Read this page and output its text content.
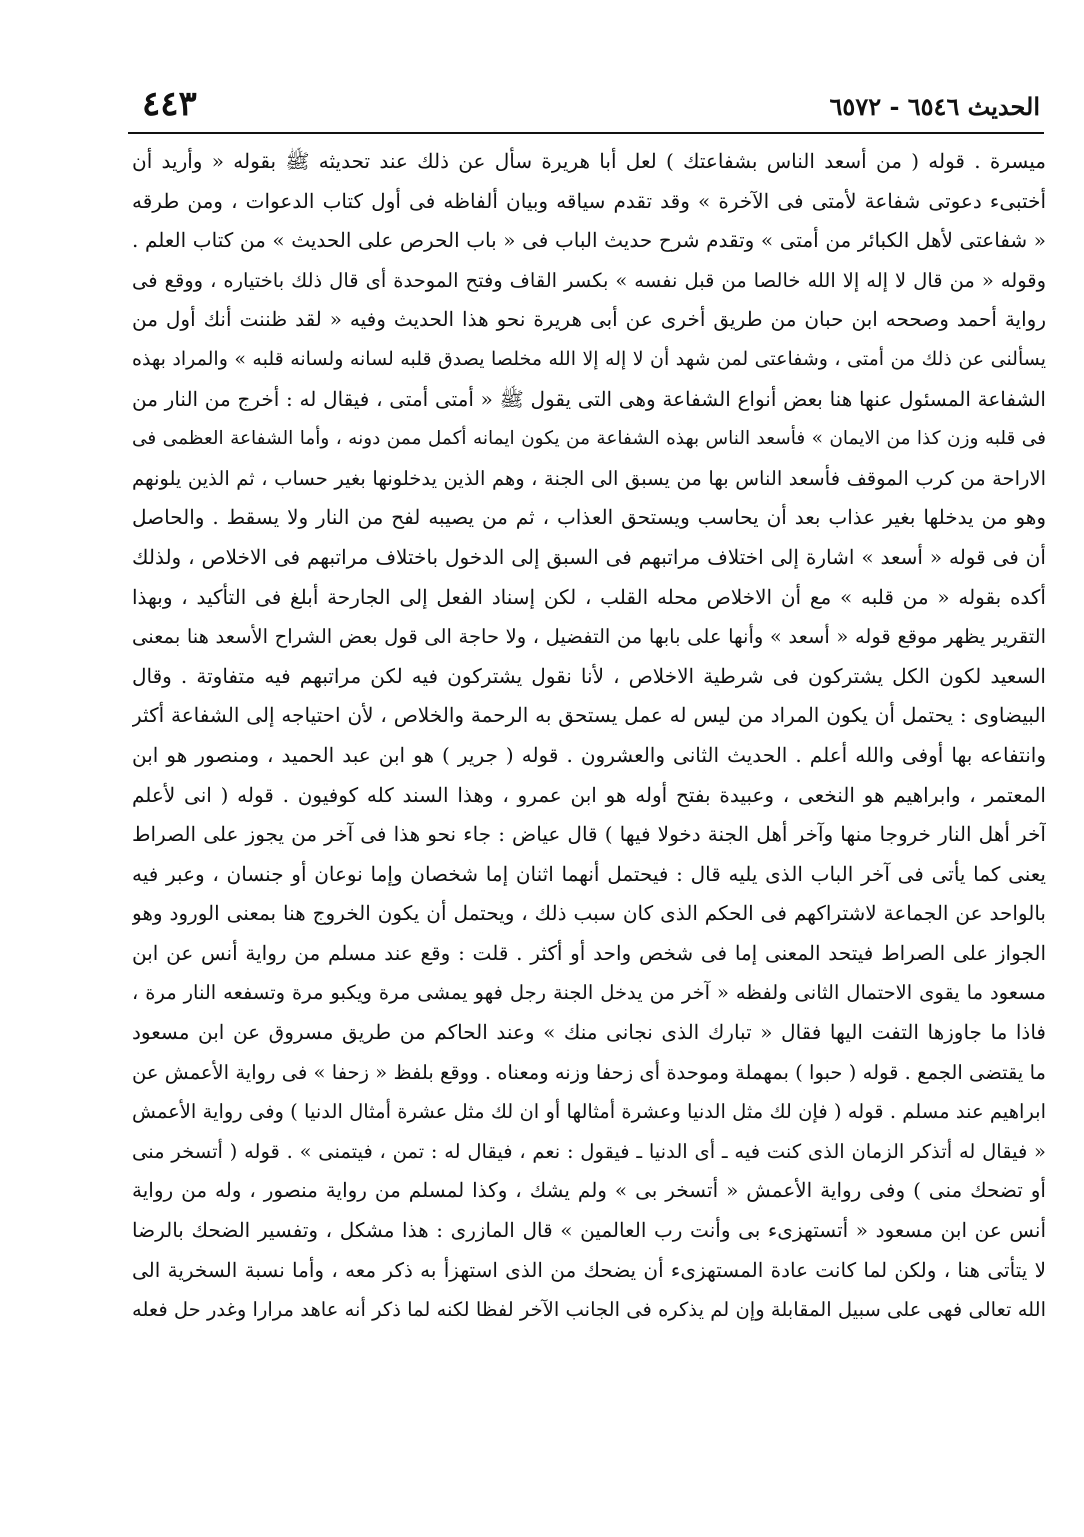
الحديث ٦٥٤٦ - ٦٥٧٢
٤٤٣
ميسرة . قوله ( من أسعد الناس بشفاعتك ) لعل أبا هريرة سأل عن ذلك عند تحديثه ﷺ بقوله « وأريد أن
أختبىء دعوتى شفاعة لأمتى فى الآخرة » وقد تقدم سياقه وبيان ألفاظه فى أول كتاب الدعوات ، ومن طرقه
« شفاعتى لأهل الكبائر من أمتى » وتقدم شرح حديث الباب فى « باب الحرص على الحديث » من كتاب العلم .
وقوله « من قال لا إله إلا الله خالصا من قبل نفسه » بكسر القاف وفتح الموحدة أى قال ذلك باختياره ، ووقع فى
رواية أحمد وصححه ابن حبان من طريق أخرى عن أبى هريرة نحو هذا الحديث وفيه « لقد ظننت أنك أول من
يسألنى عن ذلك من أمتى ، وشفاعتى لمن شهد أن لا إله إلا الله مخلصا يصدق قلبه لسانه ولسانه قلبه » والمراد بهذه
الشفاعة المسئول عنها هنا بعض أنواع الشفاعة وهى التى يقول ﷺ « أمتى أمتى ، فيقال له : أخرج من النار من
فى قلبه وزن كذا من الايمان » فأسعد الناس بهذه الشفاعة من يكون ايمانه أكمل ممن دونه ، وأما الشفاعة العظمى فى
الاراحة من كرب الموقف فأسعد الناس بها من يسبق الى الجنة ، وهم الذين يدخلونها بغير حساب ، ثم الذين يلونهم
وهو من يدخلها بغير عذاب بعد أن يحاسب ويستحق العذاب ، ثم من يصيبه لفح من النار ولا يسقط . والحاصل
أن فى قوله « أسعد » اشارة إلى اختلاف مراتبهم فى السبق إلى الدخول باختلاف مراتبهم فى الاخلاص ، ولذلك
أكده بقوله « من قلبه » مع أن الاخلاص محله القلب ، لكن إسناد الفعل إلى الجارحة أبلغ فى التأكيد ، وبهذا
التقرير يظهر موقع قوله « أسعد » وأنها على بابها من التفضيل ، ولا حاجة الى قول بعض الشراح الأسعد هنا بمعنى
السعيد لكون الكل يشتركون فى شرطية الاخلاص ، لأنا نقول يشتركون فيه لكن مراتبهم فيه متفاوتة . وقال
البيضاوى : يحتمل أن يكون المراد من ليس له عمل يستحق به الرحمة والخلاص ، لأن احتياجه إلى الشفاعة أكثر
وانتفاعه بها أوفى والله أعلم . الحديث الثانى والعشرون . قوله ( جرير ) هو ابن عبد الحميد ، ومنصور هو ابن
المعتمر ، وابراهيم هو النخعى ، وعبيدة بفتح أوله هو ابن عمرو ، وهذا السند كله كوفيون . قوله ( انى لأعلم
آخر أهل النار خروجا منها وآخر أهل الجنة دخولا فيها ) قال عياض : جاء نحو هذا فى آخر من يجوز على الصراط
يعنى كما يأتى فى آخر الباب الذى يليه قال : فيحتمل أنهما اثنان إما شخصان وإما نوعان أو جنسان ، وعبر فيه
بالواحد عن الجماعة لاشتراكهم فى الحكم الذى كان سبب ذلك ، ويحتمل أن يكون الخروج هنا بمعنى الورود وهو
الجواز على الصراط فيتحد المعنى إما فى شخص واحد أو أكثر . قلت : وقع عند مسلم من رواية أنس عن ابن
مسعود ما يقوى الاحتمال الثانى ولفظه « آخر من يدخل الجنة رجل فهو يمشى مرة ويكبو مرة وتسفعه النار مرة ،
فاذا ما جاوزها التفت اليها فقال « تبارك الذى نجانى منك » وعند الحاكم من طريق مسروق عن ابن مسعود
ما يقتضى الجمع . قوله ( حبوا ) بمهملة وموحدة أى زحفا وزنه ومعناه . ووقع بلفظ « زحفا » فى رواية الأعمش عن
ابراهيم عند مسلم . قوله ( فإن لك مثل الدنيا وعشرة أمثالها أو ان لك مثل عشرة أمثال الدنيا ) وفى رواية الأعمش
« فيقال له أتذكر الزمان الذى كنت فيه ـ أى الدنيا ـ فيقول : نعم ، فيقال له : تمن ، فيتمنى » . قوله ( أتسخر منى
أو تضحك منى ) وفى رواية الأعمش « أتسخر بى » ولم يشك ، وكذا لمسلم من رواية منصور ، وله من رواية
أنس عن ابن مسعود « أتستهزىء بى وأنت رب العالمين » قال المازرى : هذا مشكل ، وتفسير الضحك بالرضا
لا يتأتى هنا ، ولكن لما كانت عادة المستهزىء أن يضحك من الذى استهزأ به ذكر معه ، وأما نسبة السخرية الى
الله تعالى فهى على سبيل المقابلة وإن لم يذكره فى الجانب الآخر لفظا لكنه لما ذكر أنه عاهد مرارا وغدر حل فعله
